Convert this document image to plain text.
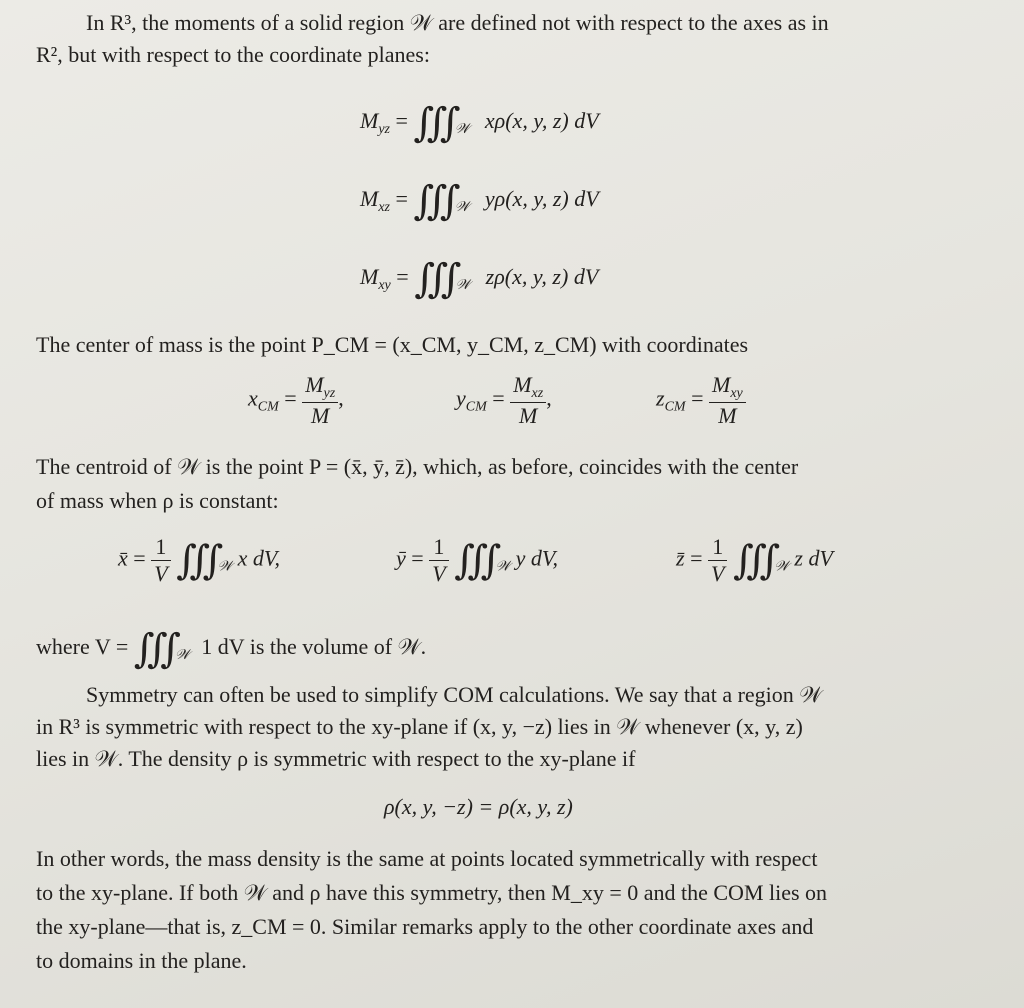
In R³, the moments of a solid region 𝒲 are defined not with respect to the axes as in
R², but with respect to the coordinate planes:
$M_{yz}$ = $∭_𝒲$ xρ(x, y, z) dV
$M_{xz}$ = $∭_𝒲$ yρ(x, y, z) dV
$M_{xy}$ = $∭_𝒲$ zρ(x, y, z) dV
The center of mass is the point P_CM = (x_CM, y_CM, z_CM) with coordinates
$x_{CM} = \frac{M_{yz}}{M}$ ,	$y_{CM} = \frac{M_{xz}}{M}$ ,	$z_{CM} = \frac{M_{xy}}{M}$
The centroid of 𝒲 is the point P = (x̄, ȳ, z̄), which, as before, coincides with the center
of mass when ρ is constant:
x̄ = $\frac{1}{V}$ $∭_𝒲$ x dV,	ȳ = $\frac{1}{V}$ $∭_𝒲$ y dV,	z̄ = $\frac{1}{V}$ $∭_𝒲$ z dV
where $V = ∭_𝒲$ 1 dV is the volume of 𝒲.
Symmetry can often be used to simplify COM calculations. We say that a region 𝒲
in R³ is symmetric with respect to the xy-plane if (x, y, −z) lies in 𝒲 whenever (x, y, z)
lies in 𝒲. The density ρ is symmetric with respect to the xy-plane if
ρ(x, y, −z) = ρ(x, y, z)
In other words, the mass density is the same at points located symmetrically with respect
to the xy-plane. If both 𝒲 and ρ have this symmetry, then M_xy = 0 and the COM lies on
the xy-plane—that is, z_CM = 0. Similar remarks apply to the other coordinate axes and
to domains in the plane.
